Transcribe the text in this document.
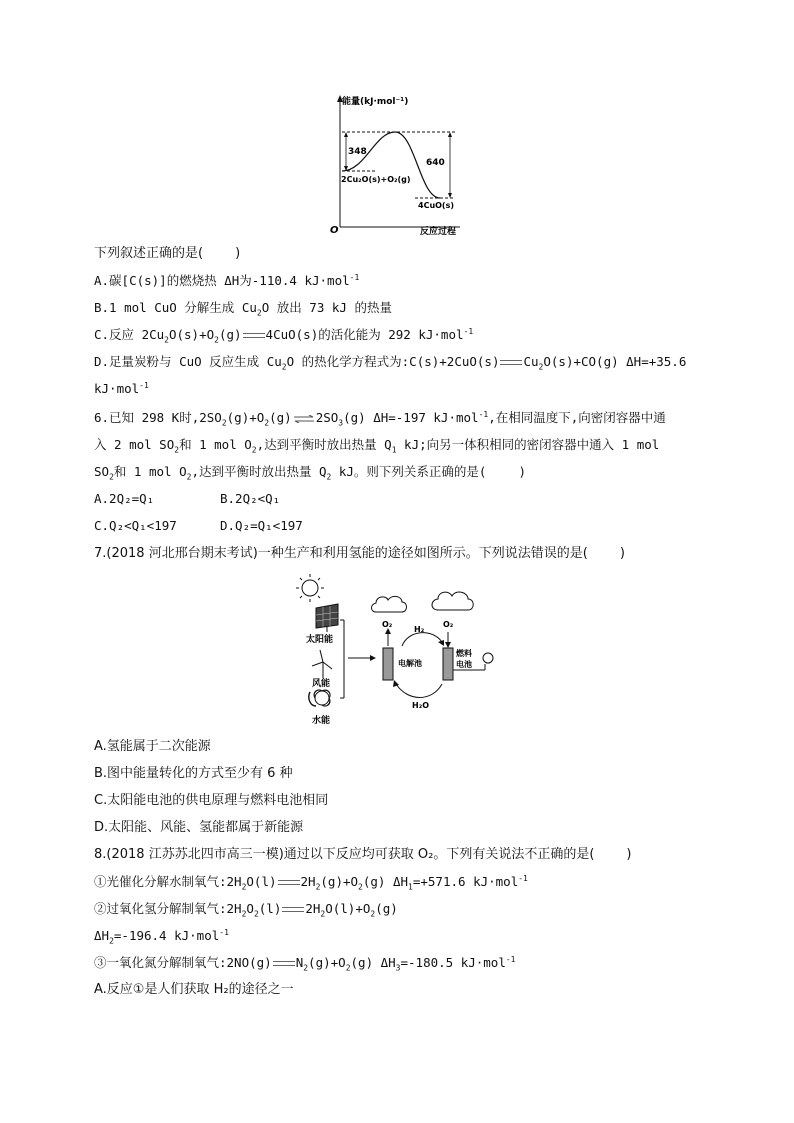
能量(kJ·mol⁻¹)
O	反应过程
348
640
2Cu₂O(s)+O₂(g)
4CuO(s)
下列叙述正确的是( )
A.碳[C(s)]的燃烧热 ΔH为-110.4 kJ·mol$^{-1}$
B.1 mol CuO 分解生成 $Cu_2O$ 放出 73 kJ 的热量
C.反应 $2Cu_2O(s)+O_2(g)$ 4CuO(s)的活化能为 292 kJ·mol$^{-1}$
D.足量炭粉与 CuO 反应生成 $Cu_2O$ 的热化学方程式为:C(s)+2CuO(s) $Cu_2O(s)+CO(g)$ ΔH=+35.6
kJ·mol$^{-1}$
6.已知 298 K时$,2SO_2(g)+O_2(g)\rightleftharpoons 2SO_3(g)$ ΔH=-197 kJ·mol$^{-1}$,在相同温度下,向密闭容器中通
入 2 mol $SO_2$和 1 mol $O_2$,达到平衡时放出热量 $Q_1$ kJ;向另一体积相同的密闭容器中通入 1 mol
$SO_2$和 1 mol $O_2$,达到平衡时放出热量 $Q_2$ kJ。则下列关系正确的是(	)
A.2Q₂=Q₁	B.2Q₂<Q₁
C.Q₂<Q₁<197	D.Q₂=Q₁<197
7.(2018 河北邢台期末考试)一种生产和利用氢能的途径如图所示。下列说法错误的是( )
太阳能
风能
水能
电解池
燃料
电池
O₂
H₂
O₂
H₂O
A.氢能属于二次能源
B.图中能量转化的方式至少有 6 种
C.太阳能电池的供电原理与燃料电池相同
D.太阳能、风能、氢能都属于新能源
8.(2018 江苏苏北四市高三一模)通过以下反应均可获取 O₂。下列有关说法不正确的是( )
①光催化分解水制氧气$:2H_2O(l)$ $2H_2(g)+O_2(g)$ $\Delta H_1=+571.6$ kJ·mol$^{-1}$
②过氧化氢分解制氧气$:2H_2O_2(l)$ $2H_2O(l)+O_2(g)$
$\Delta H_2=-196.4$ kJ·mol$^{-1}$
③一氧化氮分解制氧气:2NO(g) $N_2(g)+O_2(g)$ $\Delta H_3=-180.5$ kJ·mol$^{-1}$
A.反应①是人们获取 H₂的途径之一
